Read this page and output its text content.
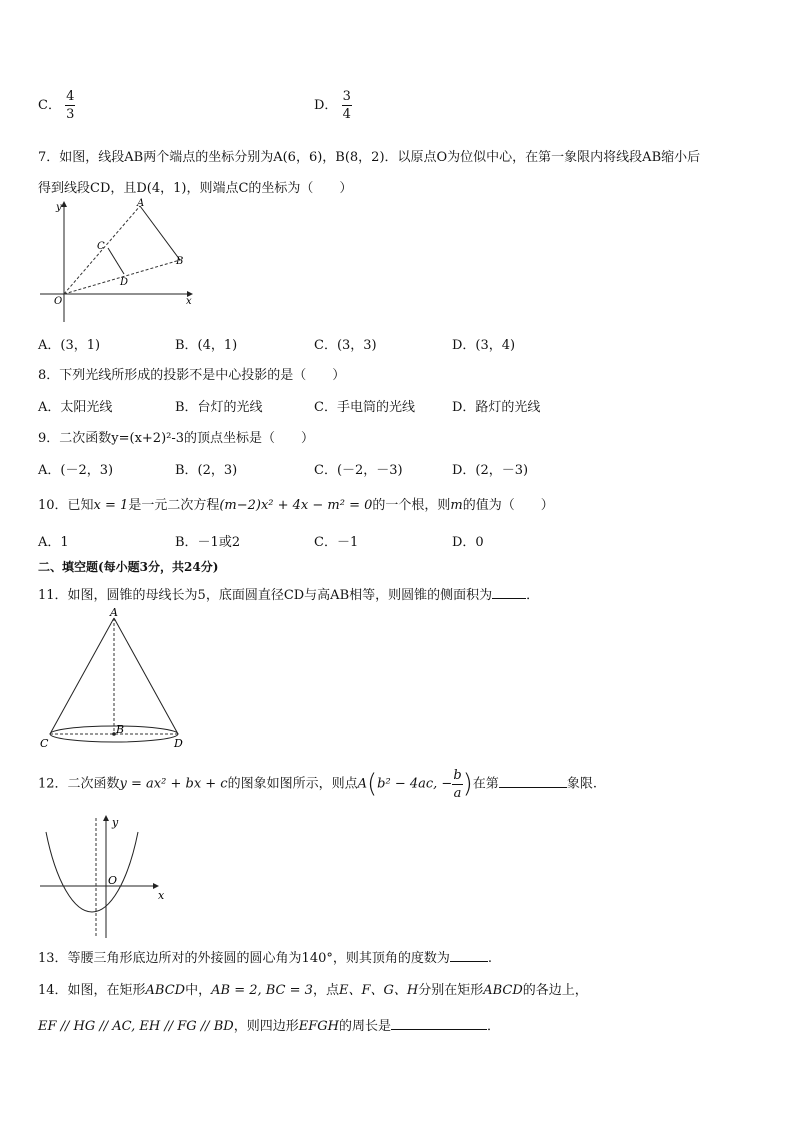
C． $\frac{4}{3}$	D． $\frac{3}{4}$
7．如图，线段AB两个端点的坐标分别为A(6，6)，B(8，2)．以原点O为位似中心，在第一象限内将线段AB缩小后
得到线段CD，且D(4，1)，则端点C的坐标为（　　）
y
x
O
A
B
C
D
A．(3，1)	B．(4，1)	C．(3，3)	D．(3，4)
8．下列光线所形成的投影不是中心投影的是（　　）
A．太阳光线	B．台灯的光线	C．手电筒的光线	D．路灯的光线
9．二次函数y=(x+2)²-3的顶点坐标是（　　）
A．(－2，3)	B．(2，3)	C．(－2，－3)	D．(2，－3)
10．已知x = 1是一元二次方程(m−2)x² + 4x − m² = 0的一个根，则m的值为（　　）
A．1	B．－1或2	C．－1	D．0
二、填空题(每小题3分，共24分)
11．如图，圆锥的母线长为5，底面圆直径CD与高AB相等，则圆锥的侧面积为	．
A
B
C	D
12．二次函数y = ax² + bx + c的图象如图所示，则点A(b² − 4ac, − $\frac{b}{a}$ )在第	象限.
y
x
O
13．等腰三角形底边所对的外接圆的圆心角为140°，则其顶角的度数为	.
14．如图，在矩形ABCD中，AB = 2, BC = 3，点E、F、G、H分别在矩形ABCD的各边上，
EF // HG // AC, EH // FG // BD，则四边形EFGH的周长是	．
